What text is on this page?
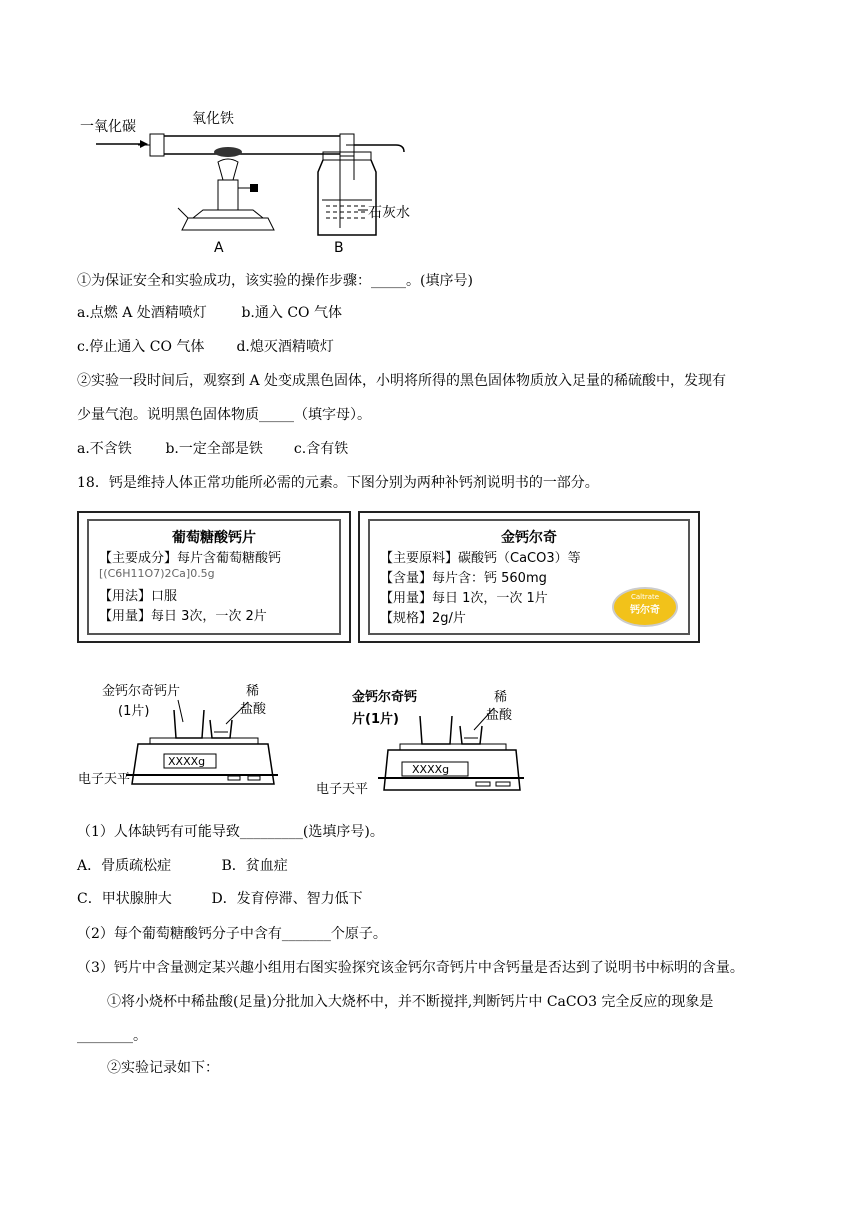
一氧化碳	氧化铁
石灰水
A	B
①为保证安全和实验成功，该实验的操作步骤：_____。(填序号)
a.点燃 A 处酒精喷灯 b.通入 CO 气体
c.停止通入 CO 气体 d.熄灭酒精喷灯
②实验一段时间后，观察到 A 处变成黑色固体，小明将所得的黑色固体物质放入足量的稀硫酸中，发现有
少量气泡。说明黑色固体物质_____（填字母）。
a.不含铁 b.一定全部是铁 c.含有铁
18．钙是维持人体正常功能所必需的元素。下图分别为两种补钙剂说明书的一部分。
葡萄糖酸钙片
【主要成分】每片含葡萄糖酸钙
[(C6H11O7)2Ca]0.5g
【用法】口服
【用量】每日 3次，一次 2片
金钙尔奇
【主要原料】碳酸钙（CaCO3）等
【含量】每片含：钙 560mg
【用量】每日 1次，一次 1片
【规格】2g/片
Caltrate
钙尔奇
金钙尔奇钙片
(1片)
稀
盐酸
XXXXg
电子天平
金钙尔奇钙
片(1片)
稀
盐酸
XXXXg
电子天平
（1）人体缺钙有可能导致_________(选填序号)。
A．骨质疏松症	B．贫血症
C．甲状腺肿大	D．发育停滞、智力低下
（2）每个葡萄糖酸钙分子中含有_______个原子。
（3）钙片中含量测定某兴趣小组用右图实验探究该金钙尔奇钙片中含钙量是否达到了说明书中标明的含量。
①将小烧杯中稀盐酸(足量)分批加入大烧杯中，并不断搅拌,判断钙片中 CaCO3 完全反应的现象是
________。
②实验记录如下：
